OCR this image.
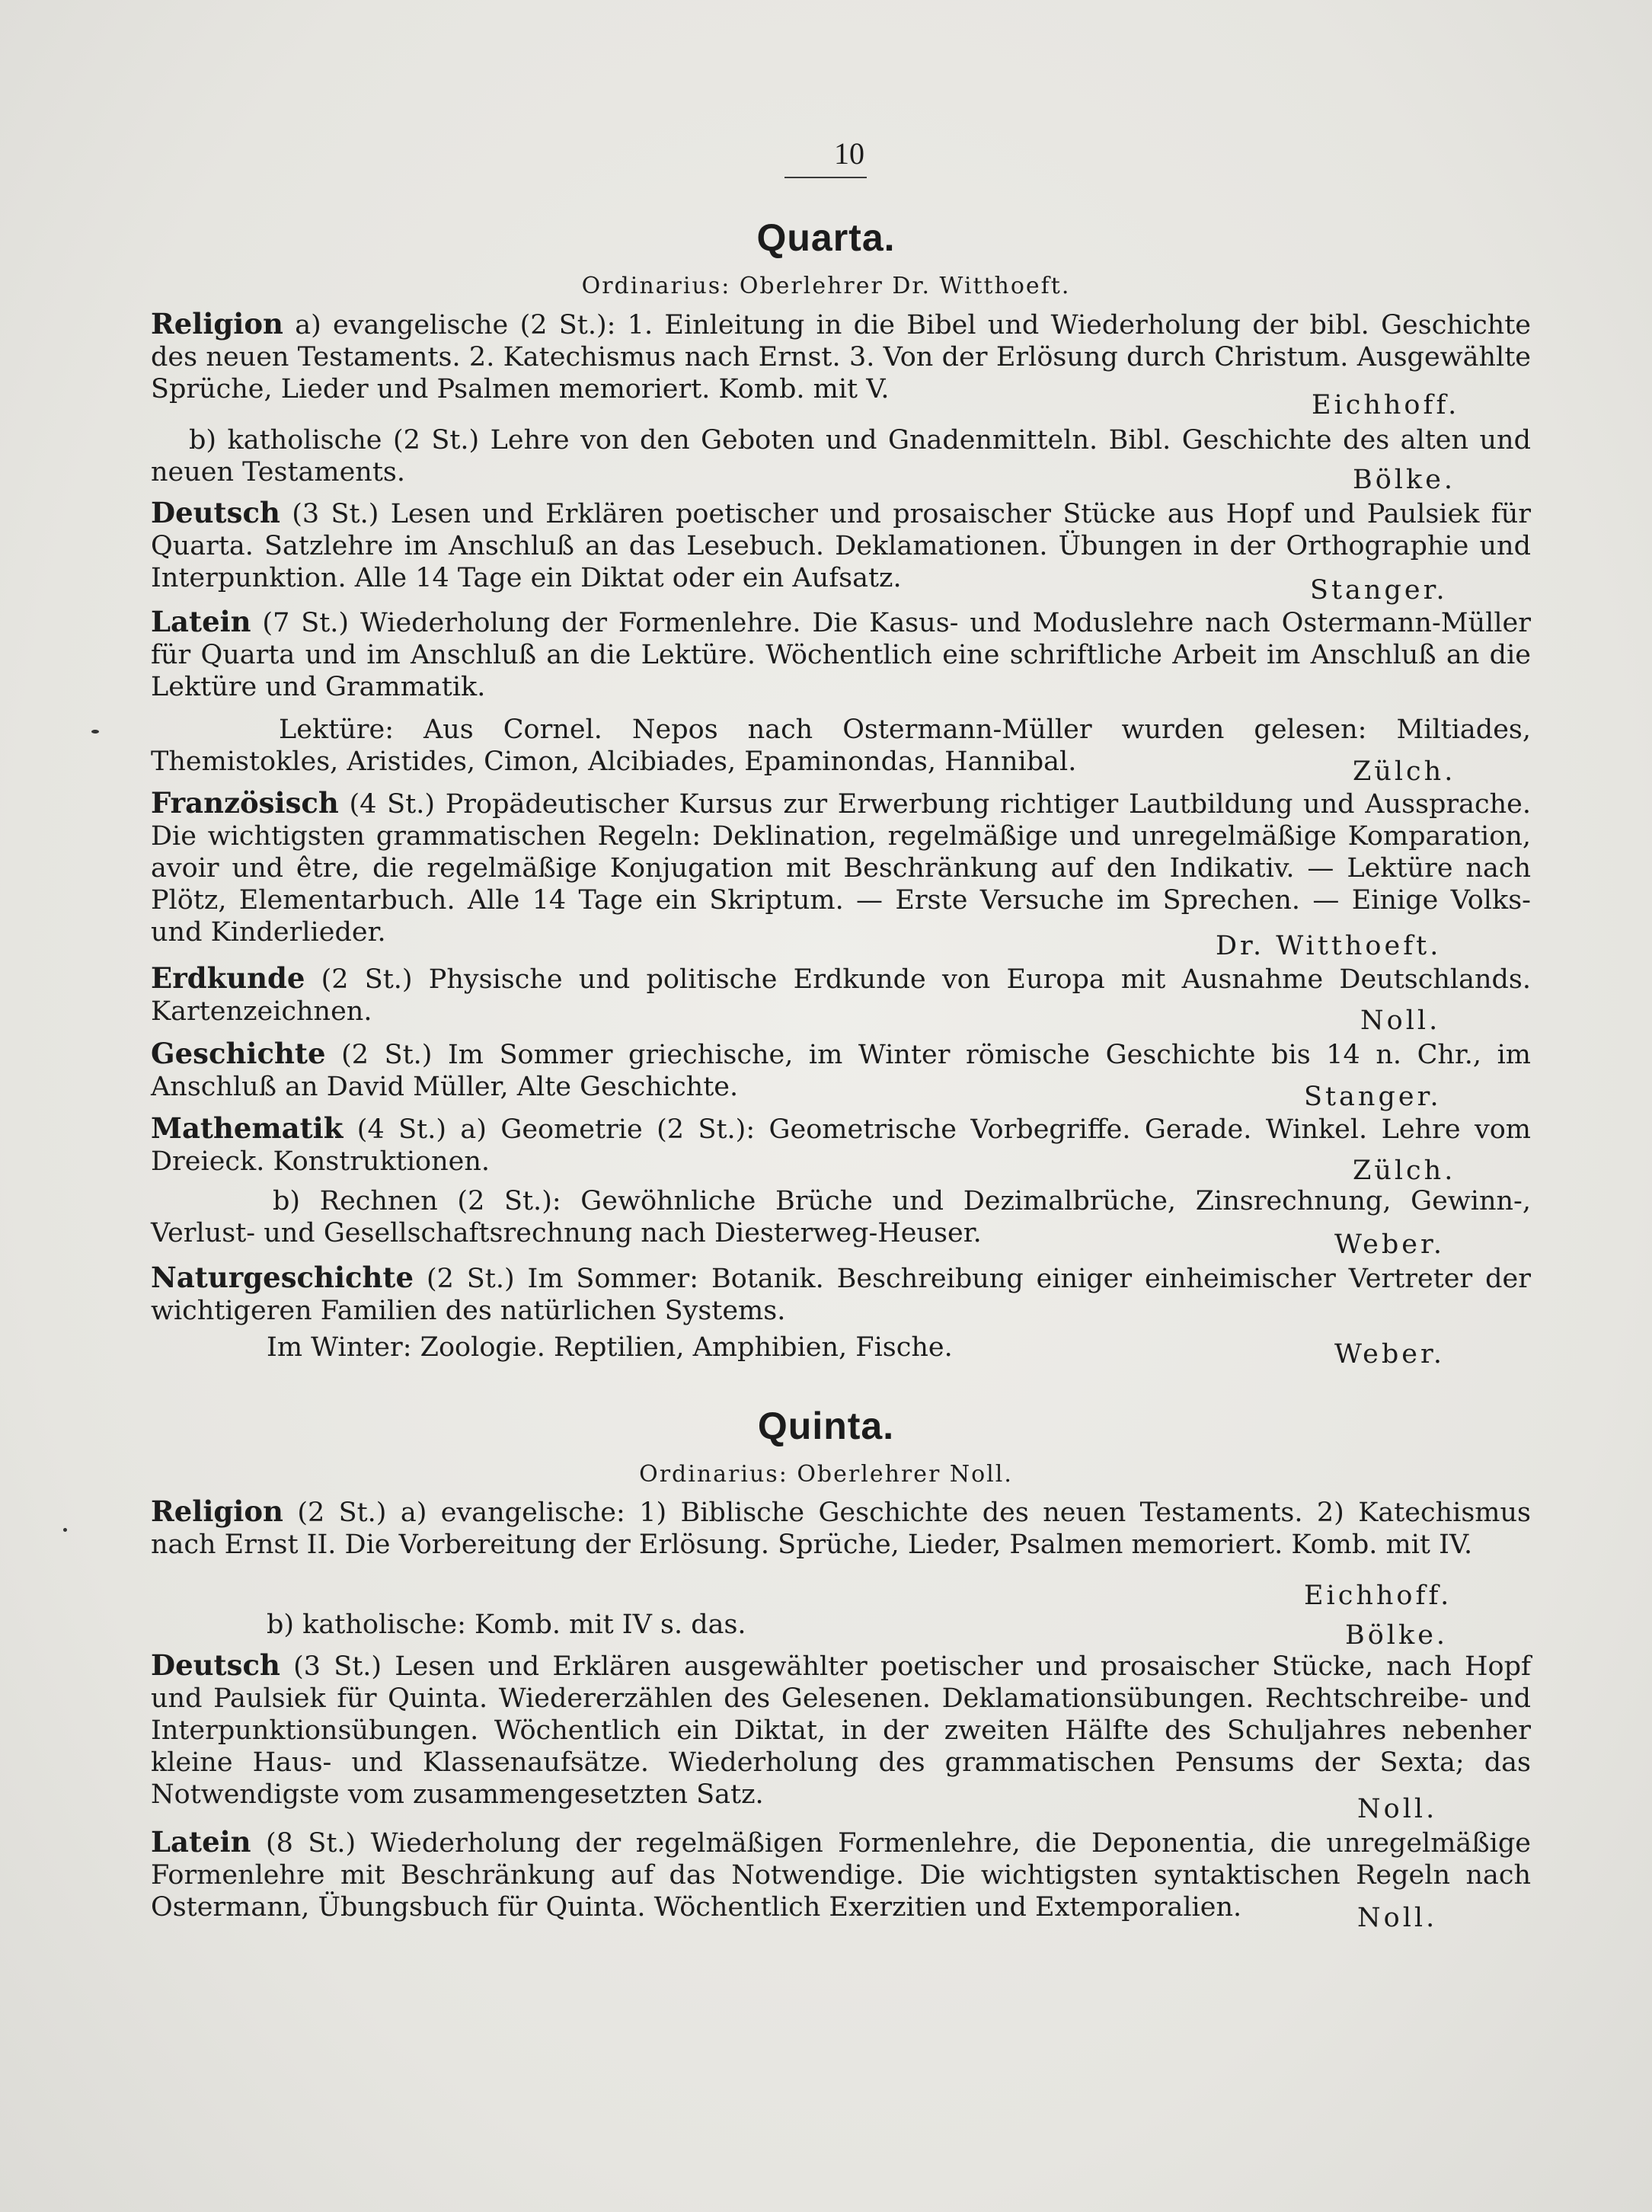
10
Quarta.
Ordinarius: Oberlehrer Dr. Witthoeft.
Religion a) evangelische (2 St.): 1. Einleitung in die Bibel und Wiederholung der bibl. Geschichte des neuen Testaments. 2. Katechismus nach Ernst. 3. Von der Erlösung durch Christum. Ausgewählte Sprüche, Lieder und Psalmen memoriert. Komb. mit V.
Eichhoff.
b) katholische (2 St.) Lehre von den Geboten und Gnadenmitteln. Bibl. Geschichte des alten und neuen Testaments.	Bölke.
Deutsch (3 St.) Lesen und Erklären poetischer und prosaischer Stücke aus Hopf und Paulsiek für Quarta. Satzlehre im Anschluß an das Lesebuch. Deklamationen. Übungen in der Orthographie und Interpunktion. Alle 14 Tage ein Diktat oder ein Aufsatz.	Stanger.
Latein (7 St.) Wiederholung der Formenlehre. Die Kasus- und Moduslehre nach Ostermann-Müller für Quarta und im Anschluß an die Lektüre. Wöchentlich eine schriftliche Arbeit im Anschluß an die Lektüre und Grammatik.
Lektüre: Aus Cornel. Nepos nach Ostermann-Müller wurden gelesen: Miltiades, Themistokles, Aristides, Cimon, Alcibiades, Epaminondas, Hannibal.	Zülch.
Französisch (4 St.) Propädeutischer Kursus zur Erwerbung richtiger Lautbildung und Aussprache. Die wichtigsten grammatischen Regeln: Deklination, regelmäßige und unregelmäßige Komparation, avoir und être, die regelmäßige Konjugation mit Beschränkung auf den Indikativ. — Lektüre nach Plötz, Elementarbuch. Alle 14 Tage ein Skriptum. — Erste Versuche im Sprechen. — Einige Volks- und Kinderlieder.	Dr. Witthoeft.
Erdkunde (2 St.) Physische und politische Erdkunde von Europa mit Ausnahme Deutschlands. Kartenzeichnen.	Noll.
Geschichte (2 St.) Im Sommer griechische, im Winter römische Geschichte bis 14 n. Chr., im Anschluß an David Müller, Alte Geschichte.	Stanger.
Mathematik (4 St.) a) Geometrie (2 St.): Geometrische Vorbegriffe. Gerade. Winkel. Lehre vom Dreieck. Konstruktionen.	Zülch.
b) Rechnen (2 St.): Gewöhnliche Brüche und Dezimalbrüche, Zinsrechnung, Gewinn-, Verlust- und Gesellschaftsrechnung nach Diesterweg-Heuser.	Weber.
Naturgeschichte (2 St.) Im Sommer: Botanik. Beschreibung einiger einheimischer Vertreter der wichtigeren Familien des natürlichen Systems.
Im Winter: Zoologie. Reptilien, Amphibien, Fische.	Weber.
Quinta.
Ordinarius: Oberlehrer Noll.
Religion (2 St.) a) evangelische: 1) Biblische Geschichte des neuen Testaments. 2) Katechismus nach Ernst II. Die Vorbereitung der Erlösung. Sprüche, Lieder, Psalmen memoriert. Komb. mit IV.
Eichhoff.
b) katholische: Komb. mit IV s. das.	Bölke.
Deutsch (3 St.) Lesen und Erklären ausgewählter poetischer und prosaischer Stücke, nach Hopf und Paulsiek für Quinta. Wiedererzählen des Gelesenen. Deklamationsübungen. Rechtschreibe- und Interpunktionsübungen. Wöchentlich ein Diktat, in der zweiten Hälfte des Schuljahres nebenher kleine Haus- und Klassenaufsätze. Wiederholung des grammatischen Pensums der Sexta; das Notwendigste vom zusammengesetzten Satz.	Noll.
Latein (8 St.) Wiederholung der regelmäßigen Formenlehre, die Deponentia, die unregelmäßige Formenlehre mit Beschränkung auf das Notwendige. Die wichtigsten syntaktischen Regeln nach Ostermann, Übungsbuch für Quinta. Wöchentlich Exerzitien und Extemporalien.	Noll.
